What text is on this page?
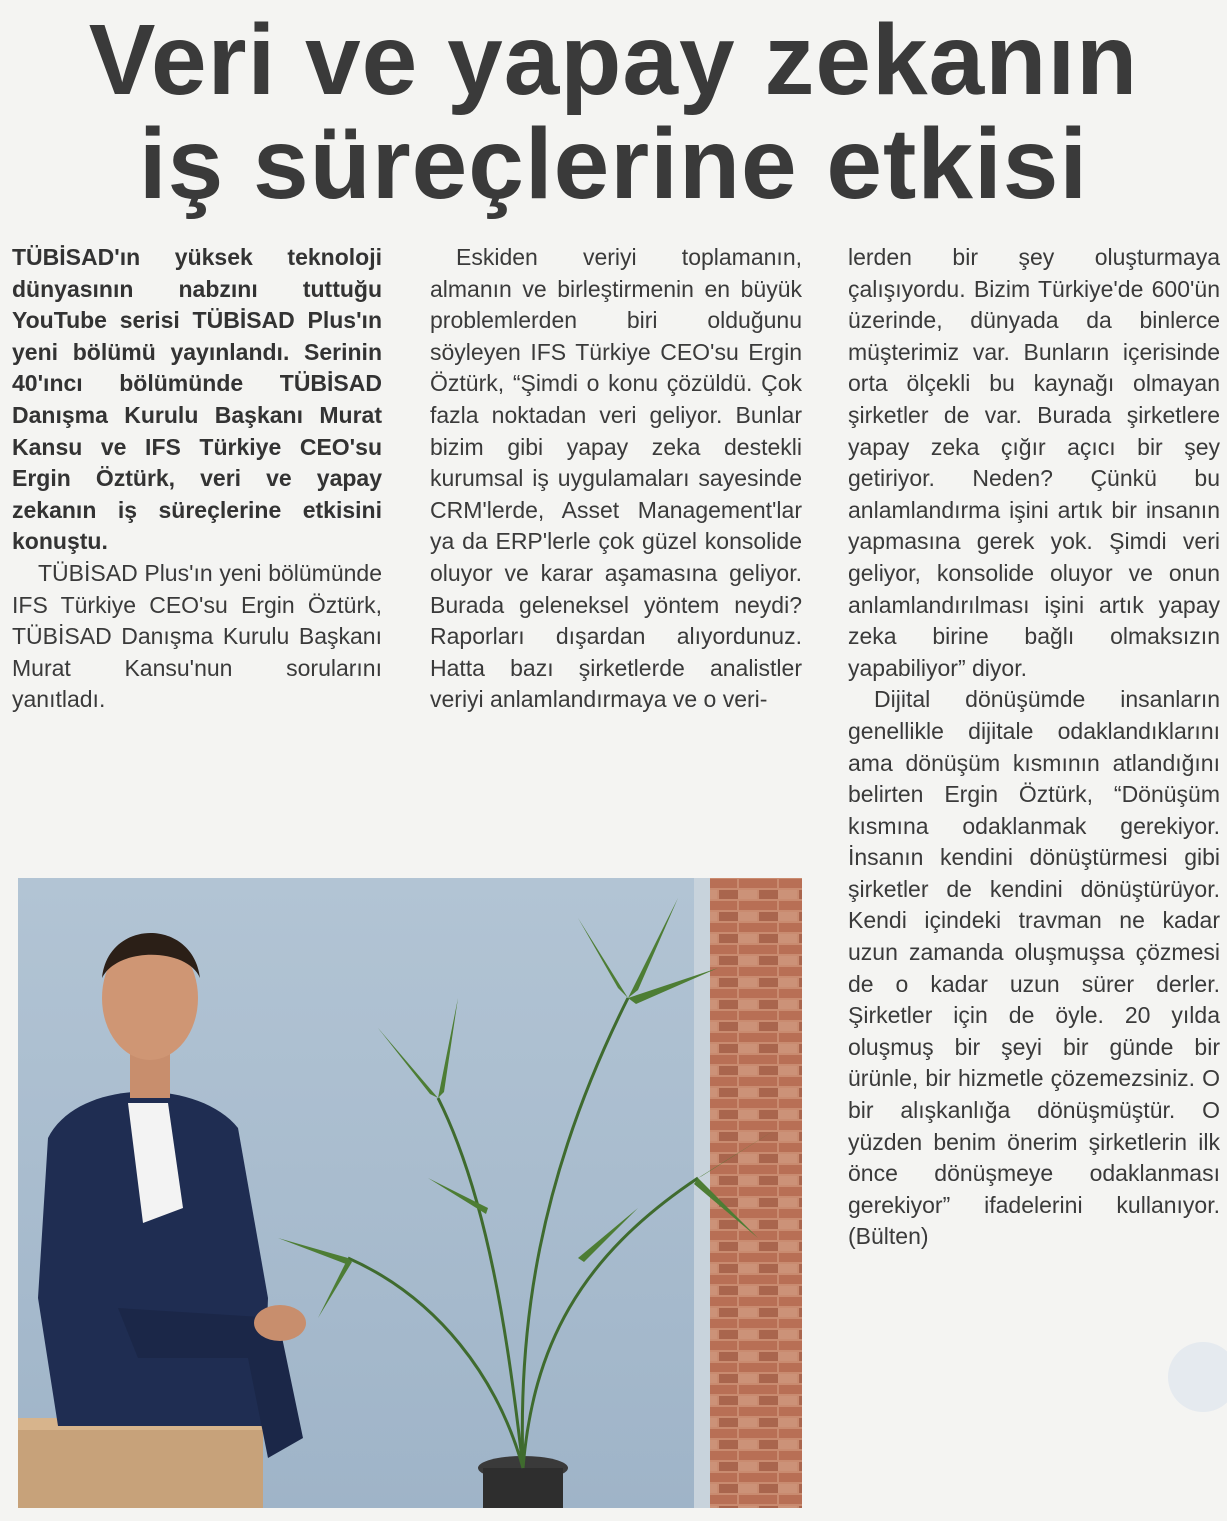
Veri ve yapay zekanın
iş süreçlerine etkisi

TÜBİSAD'ın yüksek teknoloji dünyasının nabzını tuttuğu YouTube serisi TÜBİSAD Plus'ın yeni bölümü yayınlandı. Serinin 40'ıncı bölümünde TÜBİSAD Danışma Kurulu Başkanı Murat Kansu ve IFS Türkiye CEO'su Ergin Öztürk, veri ve yapay zekanın iş süreçlerine etkisini konuştu.

TÜBİSAD Plus'ın yeni bölümünde IFS Türkiye CEO'su Ergin Öztürk, TÜBİSAD Danışma Kurulu Başkanı Murat Kansu'nun sorularını yanıtladı.

Eskiden veriyi toplamanın, almanın ve birleştirmenin en büyük problemlerden biri olduğunu söyleyen IFS Türkiye CEO'su Ergin Öztürk, “Şimdi o konu çözüldü. Çok fazla noktadan veri geliyor. Bunlar bizim gibi yapay zeka destekli kurumsal iş uygulamaları sayesinde CRM'lerde, Asset Management'lar ya da ERP'lerle çok güzel konsolide oluyor ve karar aşamasına geliyor. Burada geleneksel yöntem neydi? Raporları dışardan alıyordunuz. Hatta bazı şirketlerde analistler veriyi anlamlandırmaya ve o veri-

lerden bir şey oluşturmaya çalışıyordu. Bizim Türkiye'de 600'ün üzerinde, dünyada da binlerce müşterimiz var. Bunların içerisinde orta ölçekli bu kaynağı olmayan şirketler de var. Burada şirketlere yapay zeka çığır açıcı bir şey getiriyor. Neden? Çünkü bu anlamlandırma işini artık bir insanın yapmasına gerek yok. Şimdi veri geliyor, konsolide oluyor ve onun anlamlandırılması işini artık yapay zeka birine bağlı olmaksızın yapabiliyor” diyor.

Dijital dönüşümde insanların genellikle dijitale odaklandıklarını ama dönüşüm kısmının atlandığını belirten Ergin Öztürk, “Dönüşüm kısmına odaklanmak gerekiyor. İnsanın kendini dönüştürmesi gibi şirketler de kendini dönüştürüyor. Kendi içindeki travman ne kadar uzun zamanda oluşmuşsa çözmesi de o kadar uzun sürer derler. Şirketler için de öyle. 20 yılda oluşmuş bir şeyi bir günde bir ürünle, bir hizmetle çözemezsiniz. O bir alışkanlığa dönüşmüştür. O yüzden benim önerim şirketlerin ilk önce dönüşmeye odaklanması gerekiyor” ifadelerini kullanıyor. (Bülten)
